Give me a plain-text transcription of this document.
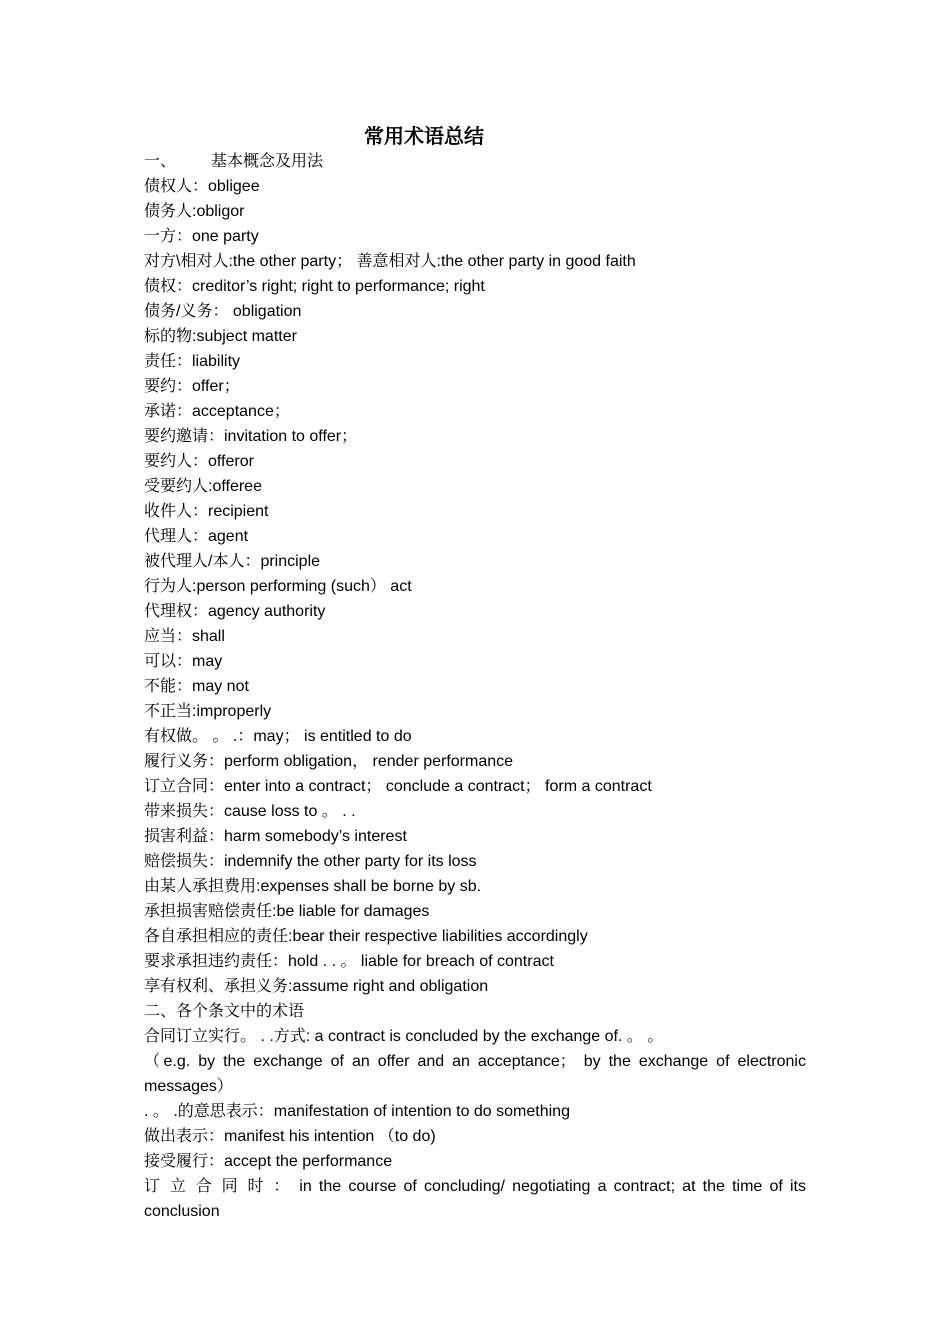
常用术语总结
一、 基本概念及用法
债权人：obligee
债务人:obligor
一方：one party
对方\相对人:the other party； 善意相对人:the other party in good faith
债权：creditor’s right; right to performance; right
债务/义务： obligation
标的物:subject matter
责任：liability
要约：offer；
承诺：acceptance；
要约邀请：invitation to offer；
要约人：offeror
受要约人:offeree
收件人：recipient
代理人：agent
被代理人/本人：principle
行为人:person performing (such） act
代理权：agency authority
应当：shall
可以：may
不能：may not
不正当:improperly
有权做。 。 .：may； is entitled to do
履行义务：perform obligation， render performance
订立合同：enter into a contract； conclude a contract； form a contract
带来损失：cause loss to 。 . .
损害利益：harm somebody’s interest
赔偿损失：indemnify the other party for its loss
由某人承担费用:expenses shall be borne by sb.
承担损害赔偿责任:be liable for damages
各自承担相应的责任:bear their respective liabilities accordingly
要求承担违约责任：hold . . 。 liable for breach of contract
享有权利、承担义务:assume right and obligation
二、各个条文中的术语
合同订立实行。 . .方式: a contract is concluded by the exchange of. 。 。
（e.g. by the exchange of an offer and an acceptance； by the exchange of electronic
messages）
. 。 .的意思表示：manifestation of intention to do something
做出表示：manifest his intention （to do)
接受履行：accept the performance
订 立 合 同 时 ： in the course of concluding/ negotiating a contract; at the time of its
conclusion
